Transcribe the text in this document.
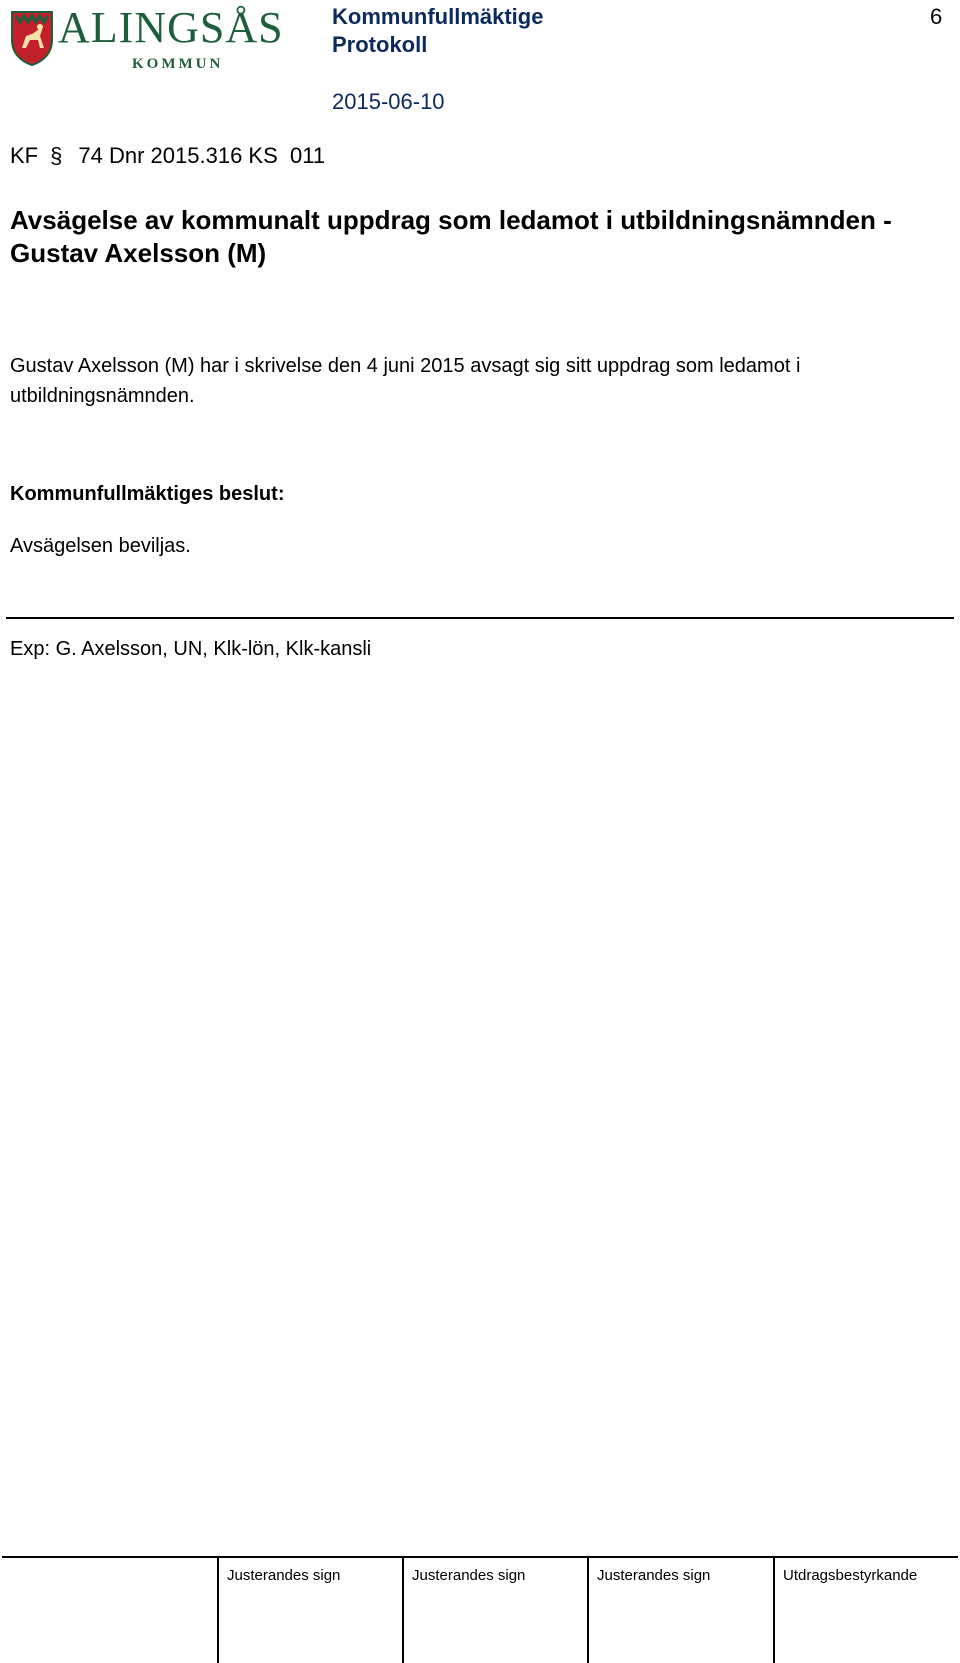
ALINGSÅS
KOMMUN
Kommunfullmäktige
Protokoll
2015-06-10
6
KF § 74 Dnr 2015.316 KS  011
Avsägelse av kommunalt uppdrag som ledamot i utbildningsnämnden - Gustav Axelsson (M)
Gustav Axelsson (M) har i skrivelse den 4 juni 2015 avsagt sig sitt uppdrag som ledamot i utbildningsnämnden.
Kommunfullmäktiges beslut:
Avsägelsen beviljas.
Exp: G. Axelsson, UN, Klk-lön, Klk-kansli
Justerandes sign	Justerandes sign	Justerandes sign	Utdragsbestyrkande
